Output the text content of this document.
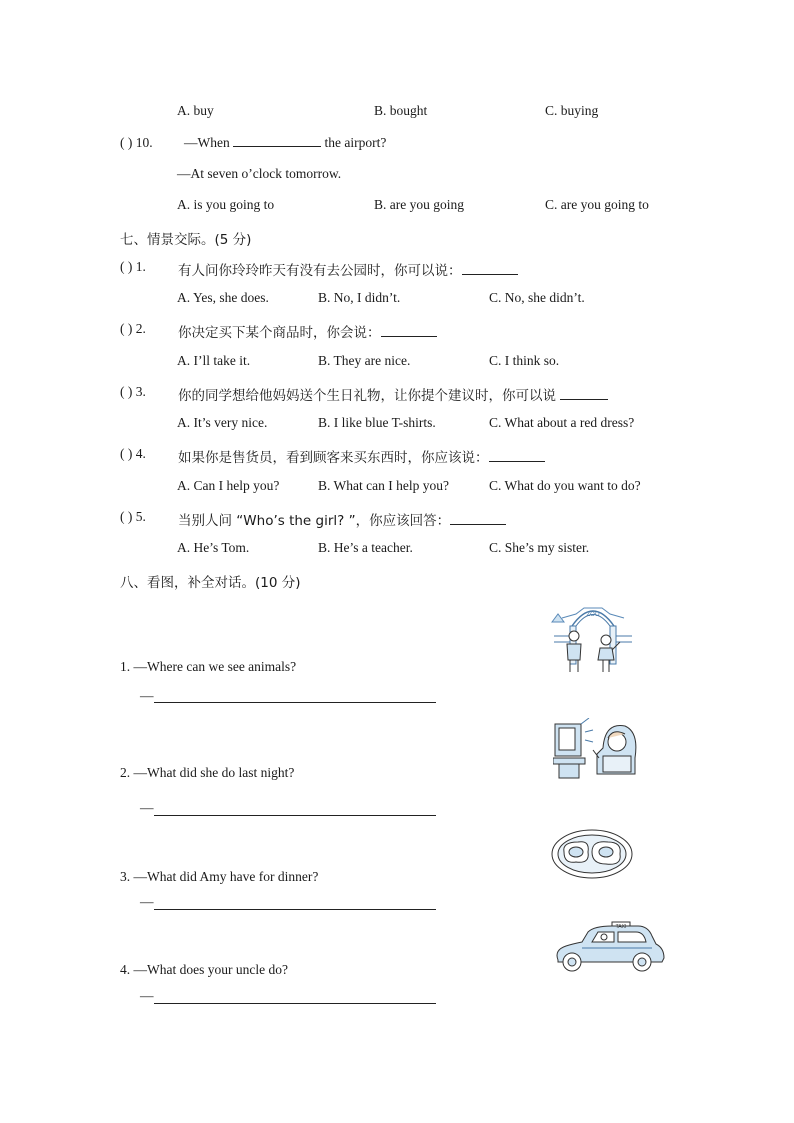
A. buy	B. bought	C. buying
( ) 10. —When	the airport?
—At seven o’clock tomorrow.
A. is you going to	B. are you going	C. are you going to
七、情景交际。(5 分)
( ) 1. 有人问你玲玲昨天有没有去公园时，你可以说：
A. Yes, she does.	B. No, I didn’t.	C. No, she didn’t.
( ) 2. 你决定买下某个商品时，你会说：
A. I’ll take it.	B. They are nice.	C. I think so.
( ) 3. 你的同学想给他妈妈送个生日礼物，让你提个建议时，你可以说
A. It’s very nice.	B. I like blue T-shirts.	C. What about a red dress?
( ) 4. 如果你是售货员，看到顾客来买东西时，你应该说：
A. Can I help you?	B. What can I help you?	C. What do you want to do?
( ) 5. 当别人问 “Who’s the girl? ”，你应该回答：
A. He’s Tom.	B. He’s a teacher.	C. She’s my sister.
八、看图，补全对话。(10 分)
1. —Where can we see animals?
—
2. —What did she do last night?
—
3. —What did Amy have for dinner?
—
4. —What does your uncle do?
—
ZOO
TAXI
